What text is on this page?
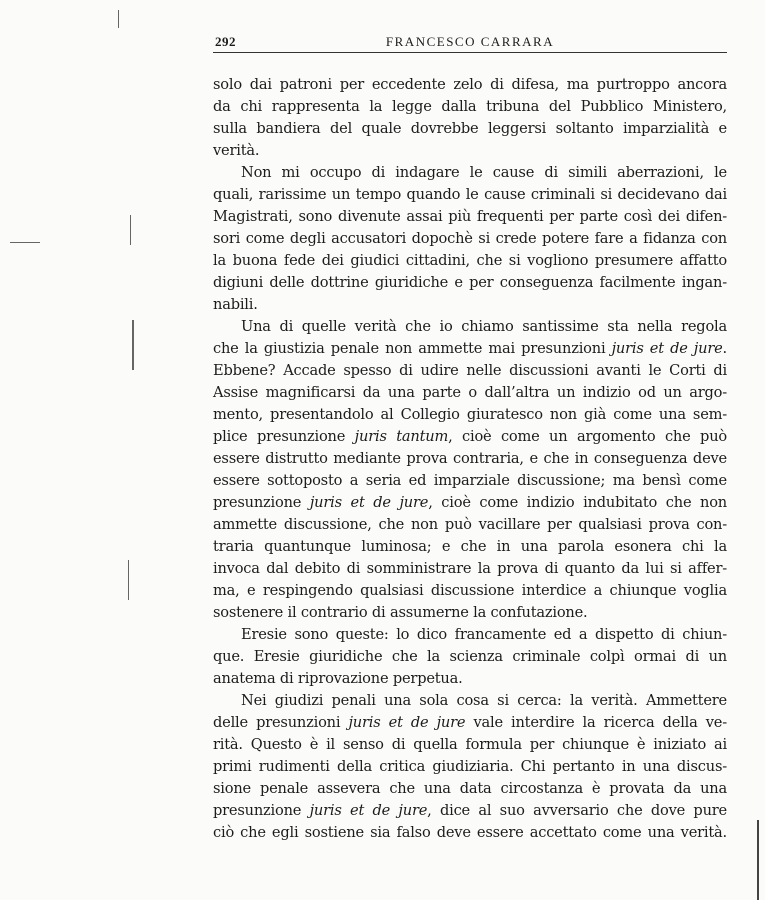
292	FRANCESCO CARRARA
solo dai patroni per eccedente zelo di difesa, ma purtroppo ancora
da chi rappresenta la legge dalla tribuna del Pubblico Ministero,
sulla bandiera del quale dovrebbe leggersi soltanto imparzialità e
verità.
Non mi occupo di indagare le cause di simili aberrazioni, le
quali, rarissime un tempo quando le cause criminali si decidevano dai
Magistrati, sono divenute assai più frequenti per parte così dei difen-
sori come degli accusatori dopochè si crede potere fare a fidanza con
la buona fede dei giudici cittadini, che si vogliono presumere affatto
digiuni delle dottrine giuridiche e per conseguenza facilmente ingan-
nabili.
Una di quelle verità che io chiamo santissime sta nella regola
che la giustizia penale non ammette mai presunzioni juris et de jure.
Ebbene? Accade spesso di udire nelle discussioni avanti le Corti di
Assise magnificarsi da una parte o dall’altra un indizio od un argo-
mento, presentandolo al Collegio giuratesco non già come una sem-
plice presunzione juris tantum, cioè come un argomento che può
essere distrutto mediante prova contraria, e che in conseguenza deve
essere sottoposto a seria ed imparziale discussione; ma bensì come
presunzione juris et de jure, cioè come indizio indubitato che non
ammette discussione, che non può vacillare per qualsiasi prova con-
traria quantunque luminosa; e che in una parola esonera chi la
invoca dal debito di somministrare la prova di quanto da lui si affer-
ma, e respingendo qualsiasi discussione interdice a chiunque voglia
sostenere il contrario di assumerne la confutazione.
Eresie sono queste: lo dico francamente ed a dispetto di chiun-
que. Eresie giuridiche che la scienza criminale colpì ormai di un
anatema di riprovazione perpetua.
Nei giudizi penali una sola cosa si cerca: la verità. Ammettere
delle presunzioni juris et de jure vale interdire la ricerca della ve-
rità. Questo è il senso di quella formula per chiunque è iniziato ai
primi rudimenti della critica giudiziaria. Chi pertanto in una discus-
sione penale assevera che una data circostanza è provata da una
presunzione juris et de jure, dice al suo avversario che dove pure
ciò che egli sostiene sia falso deve essere accettato come una verità.
